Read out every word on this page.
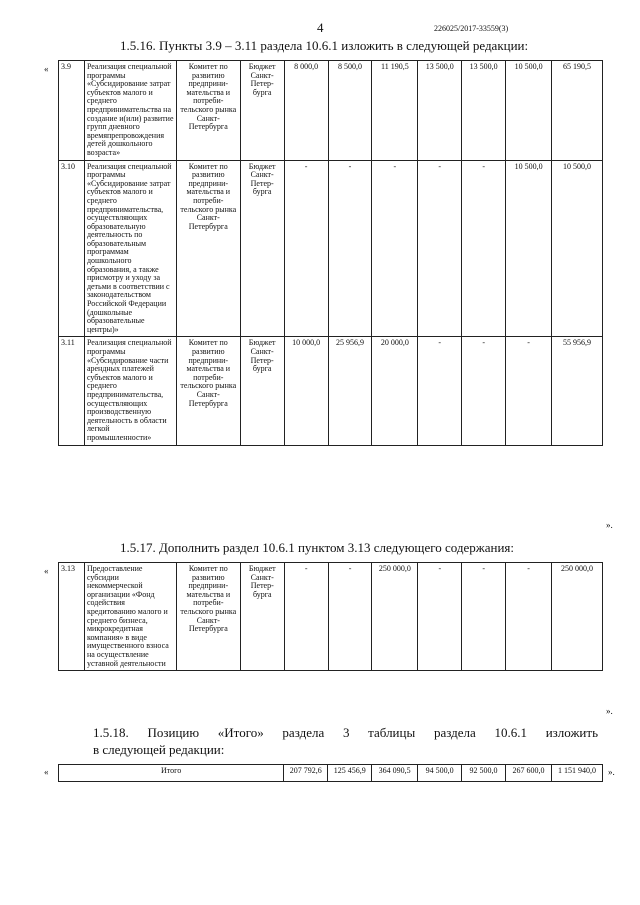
4	226025/2017-33559(3)
1.5.16. Пункты 3.9 – 3.11 раздела 10.6.1 изложить в следующей редакции:
« 3.9	Реализация специальной программы «Субсидирование затрат субъектов малого и среднего предпринимательства на создание и(или) развитие групп дневного времяпрепровождения детей дошкольного возраста»	Комитет по развитию предприни-мательства и потреби-тельского рынка Санкт-Петербурга	Бюджет Санкт-Петер-бурга	8 000,0	8 500,0	11 190,5	13 500,0	13 500,0	10 500,0	65 190,5
3.10	Реализация специальной программы «Субсидирование затрат субъектов малого и среднего предпринимательства, осуществляющих образовательную деятельность по образовательным программам дошкольного образования, а также присмотру и уходу за детьми в соответствии с законодательством Российской Федерации (дошкольные образовательные центры)»	Комитет по развитию предприни-мательства и потреби-тельского рынка Санкт-Петербурга	Бюджет Санкт-Петер-бурга	-	-	-	-	-	10 500,0	10 500,0
3.11	Реализация специальной программы «Субсидирование части арендных платежей субъектов малого и среднего предпринимательства, осуществляющих производственную деятельность в области легкой промышленности»	Комитет по развитию предприни-мательства и потреби-тельского рынка Санкт-Петербурга	Бюджет Санкт-Петер-бурга	10 000,0	25 956,9	20 000,0	-	-	-	55 956,9
».
1.5.17. Дополнить раздел 10.6.1 пунктом 3.13 следующего содержания:
« 3.13	Предоставление субсидии некоммерческой организации «Фонд содействия кредитованию малого и среднего бизнеса, микрокредитная компания» в виде имущественного взноса на осуществление уставной деятельности	Комитет по развитию предприни-мательства и потреби-тельского рынка Санкт-Петербурга	Бюджет Санкт-Петер-бурга	-	-	250 000,0	-	-	-	250 000,0
».
1.5.18. Позицию «Итого» раздела 3 таблицы раздела 10.6.1 изложить
в следующей редакции:
«	Итого	207 792,6	125 456,9	364 090,5	94 500,0	92 500,0	267 600,0	1 151 940,0 ».
